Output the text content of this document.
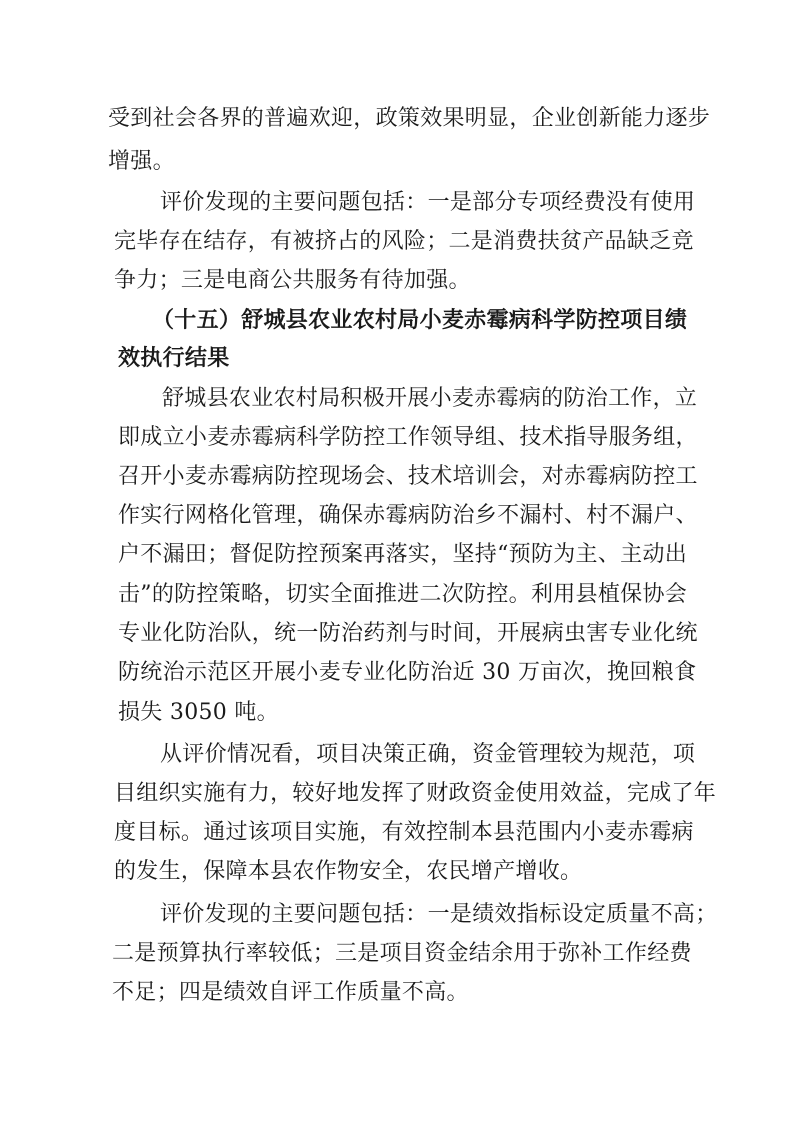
受到社会各界的普遍欢迎，政策效果明显，企业创新能力逐步
增强。
评价发现的主要问题包括：一是部分专项经费没有使用
完毕存在结存，有被挤占的风险；二是消费扶贫产品缺乏竞
争力；三是电商公共服务有待加强。
（十五）舒城县农业农村局小麦赤霉病科学防控项目绩
效执行结果
舒城县农业农村局积极开展小麦赤霉病的防治工作，立
即成立小麦赤霉病科学防控工作领导组、技术指导服务组，
召开小麦赤霉病防控现场会、技术培训会，对赤霉病防控工
作实行网格化管理，确保赤霉病防治乡不漏村、村不漏户、
户不漏田；督促防控预案再落实，坚持“预防为主、主动出
击”的防控策略，切实全面推进二次防控。利用县植保协会
专业化防治队，统一防治药剂与时间，开展病虫害专业化统
防统治示范区开展小麦专业化防治近 30 万亩次，挽回粮食
损失 3050 吨。
从评价情况看，项目决策正确，资金管理较为规范，项
目组织实施有力，较好地发挥了财政资金使用效益，完成了年
度目标。通过该项目实施，有效控制本县范围内小麦赤霉病
的发生，保障本县农作物安全，农民增产增收。
评价发现的主要问题包括：一是绩效指标设定质量不高；
二是预算执行率较低；三是项目资金结余用于弥补工作经费
不足；四是绩效自评工作质量不高。
